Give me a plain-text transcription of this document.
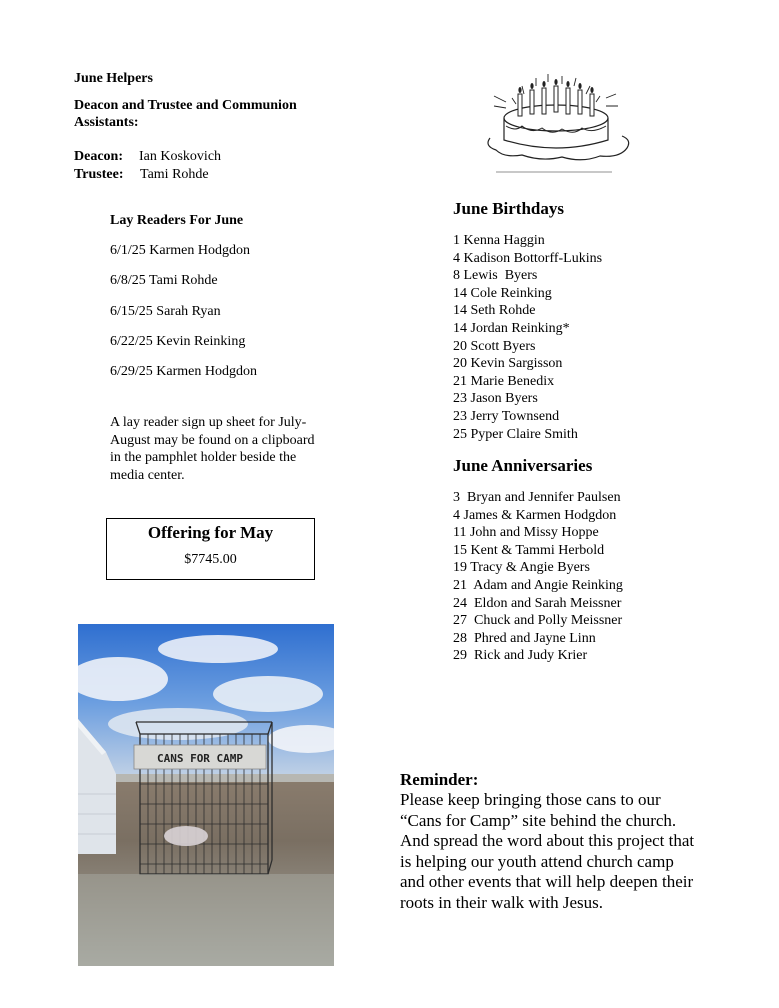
June Helpers
Deacon and Trustee and Communion Assistants:
Deacon: Ian Koskovich
Trustee: Tami Rohde
Lay Readers For June
6/1/25 Karmen Hodgdon
6/8/25 Tami Rohde
6/15/25 Sarah Ryan
6/22/25 Kevin Reinking
6/29/25 Karmen Hodgdon
A lay reader sign up sheet for July-August may be found on a clipboard in the pamphlet holder beside the media center.
Offering for May
$7745.00
CANS FOR CAMP
June Birthdays
1 Kenna Haggin
4 Kadison Bottorff-Lukins
8 Lewis  Byers
14 Cole Reinking
14 Seth Rohde
14 Jordan Reinking*
20 Scott Byers
20 Kevin Sargisson
21 Marie Benedix
23 Jason Byers
23 Jerry Townsend
25 Pyper Claire Smith
June Anniversaries
3  Bryan and Jennifer Paulsen
4 James & Karmen Hodgdon
11 John and Missy Hoppe
15 Kent & Tammi Herbold
19 Tracy & Angie Byers
21  Adam and Angie Reinking
24  Eldon and Sarah Meissner
27  Chuck and Polly Meissner
28  Phred and Jayne Linn
29  Rick and Judy Krier
Reminder:
Please keep bringing those cans to our “Cans for Camp” site behind the church. And spread the word about this project that is helping our youth attend church camp and other events that will help deepen their roots in their walk with Jesus.
